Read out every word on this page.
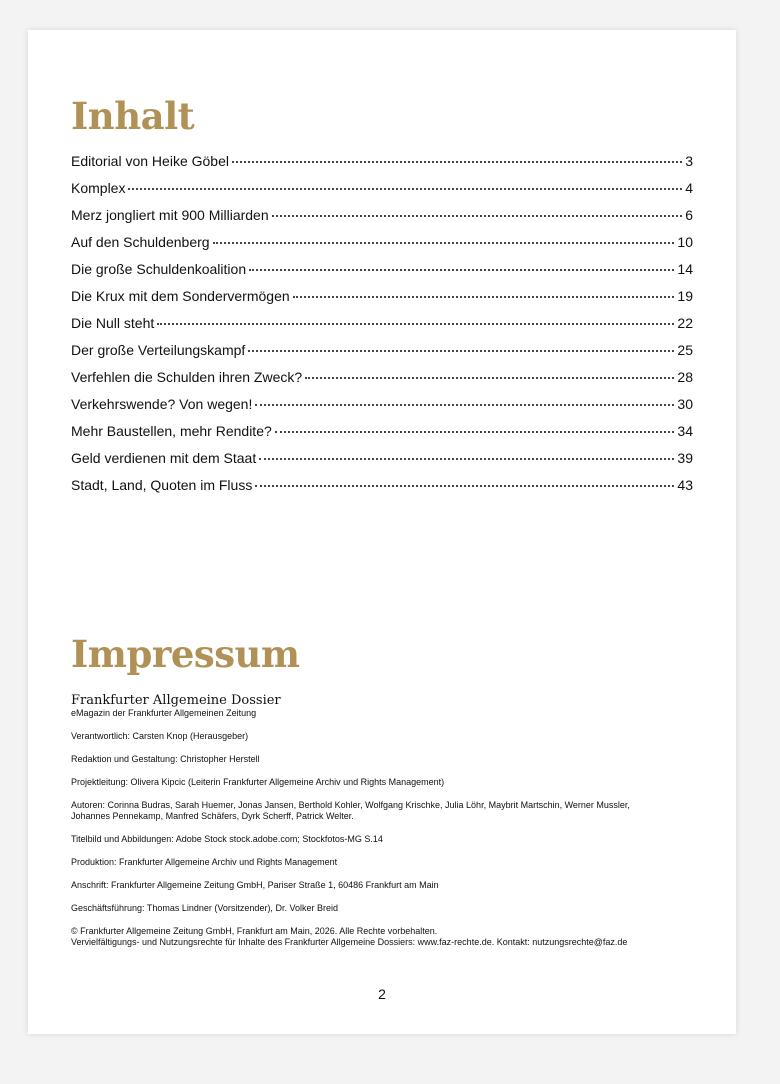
Inhalt
Editorial von Heike Göbel	3
Komplex	4
Merz jongliert mit 900 Milliarden	6
Auf den Schuldenberg	10
Die große Schuldenkoalition	14
Die Krux mit dem Sondervermögen	19
Die Null steht	22
Der große Verteilungskampf	25
Verfehlen die Schulden ihren Zweck?	28
Verkehrswende? Von wegen!	30
Mehr Baustellen, mehr Rendite?	34
Geld verdienen mit dem Staat	39
Stadt, Land, Quoten im Fluss	43
Impressum
Frankfurter Allgemeine Dossier
eMagazin der Frankfurter Allgemeinen Zeitung
Verantwortlich: Carsten Knop (Herausgeber)
Redaktion und Gestaltung: Christopher Herstell
Projektleitung: Olivera Kipcic (Leiterin Frankfurter Allgemeine Archiv und Rights Management)
Autoren: Corinna Budras, Sarah Huemer, Jonas Jansen, Berthold Kohler, Wolfgang Krischke, Julia Löhr, Maybrit Martschin, Werner Mussler,
Johannes Pennekamp, Manfred Schäfers, Dyrk Scherff, Patrick Welter.
Titelbild und Abbildungen: Adobe Stock stock.adobe.com; Stockfotos-MG S.14
Produktion: Frankfurter Allgemeine Archiv und Rights Management
Anschrift: Frankfurter Allgemeine Zeitung GmbH, Pariser Straße 1, 60486 Frankfurt am Main
Geschäftsführung: Thomas Lindner (Vorsitzender), Dr. Volker Breid
© Frankfurter Allgemeine Zeitung GmbH, Frankfurt am Main, 2026. Alle Rechte vorbehalten.
Vervielfältigungs- und Nutzungsrechte für Inhalte des Frankfurter Allgemeine Dossiers: www.faz-rechte.de. Kontakt: nutzungsrechte@faz.de
2
